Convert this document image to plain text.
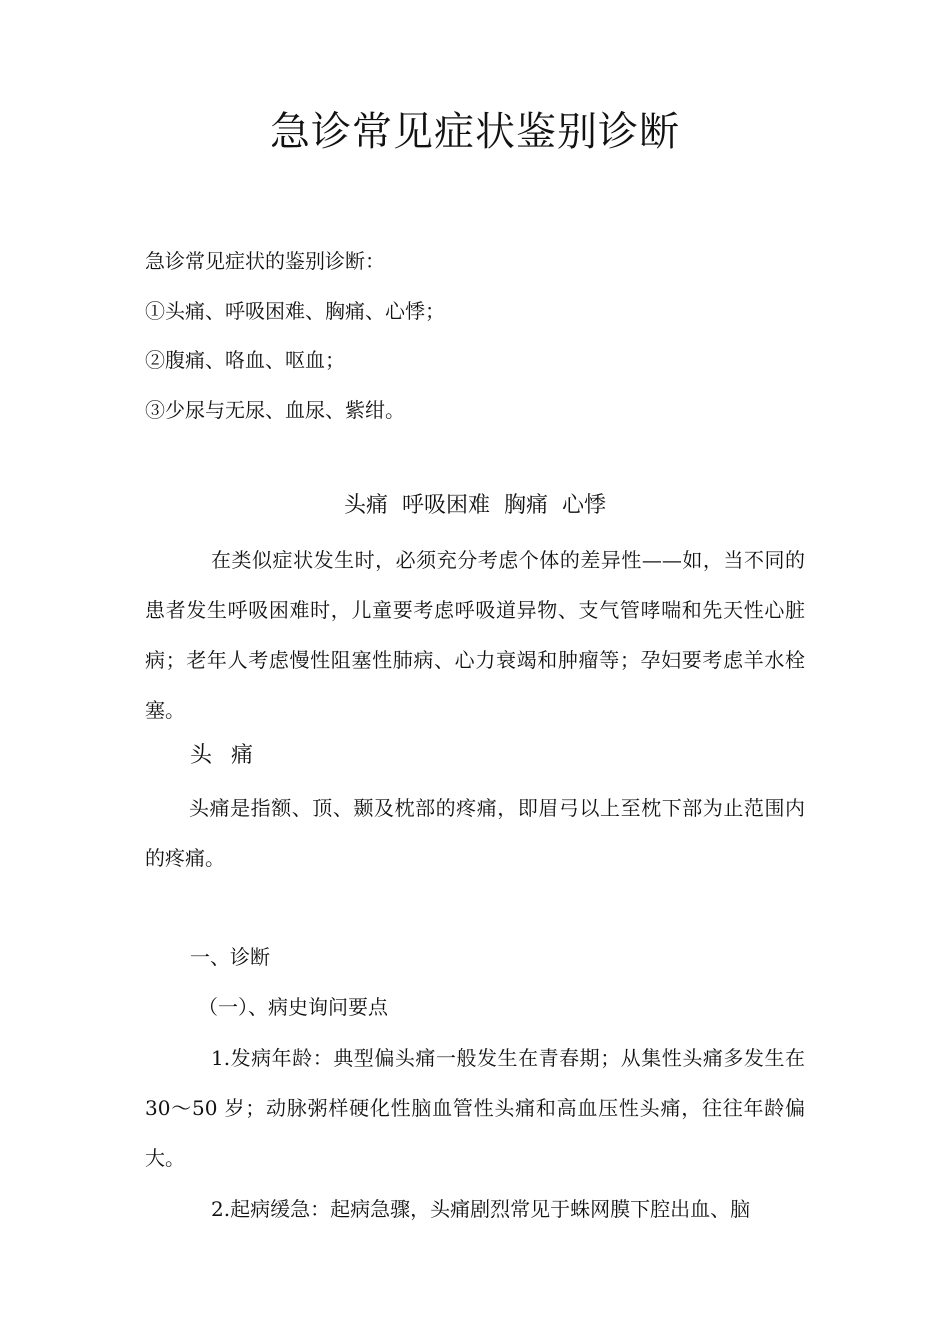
急诊常见症状鉴别诊断
急诊常见症状的鉴别诊断：
①头痛、呼吸困难、胸痛、心悸；
②腹痛、咯血、呕血；
③少尿与无尿、血尿、紫绀。
头痛  呼吸困难  胸痛  心悸
在类似症状发生时，必须充分考虑个体的差异性——如，当不同的患者发生呼吸困难时，儿童要考虑呼吸道异物、支气管哮喘和先天性心脏病；老年人考虑慢性阻塞性肺病、心力衰竭和肿瘤等；孕妇要考虑羊水栓塞。
头 痛
头痛是指额、顶、颞及枕部的疼痛，即眉弓以上至枕下部为止范围内的疼痛。
一、诊断
（一）、病史询问要点
1.发病年龄：典型偏头痛一般发生在青春期；从集性头痛多发生在 30～50 岁；动脉粥样硬化性脑血管性头痛和高血压性头痛，往往年龄偏大。
2.起病缓急：起病急骤，头痛剧烈常见于蛛网膜下腔出血、脑
